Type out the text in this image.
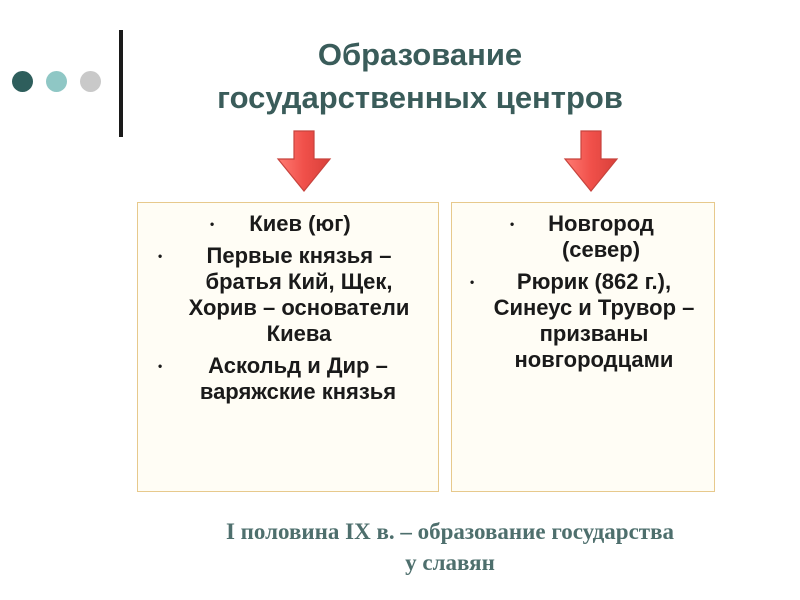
Образование
государственных центров
• Киев (юг)
•	Первые князья – братья Кий, Щек, Хорив – основатели Киева
•	Аскольд и Дир – варяжские князья
•	Новгород (север)
•	Рюрик (862 г.), Синеус и Трувор – призваны новгородцами
I половина IX в. – образование государства
у славян
